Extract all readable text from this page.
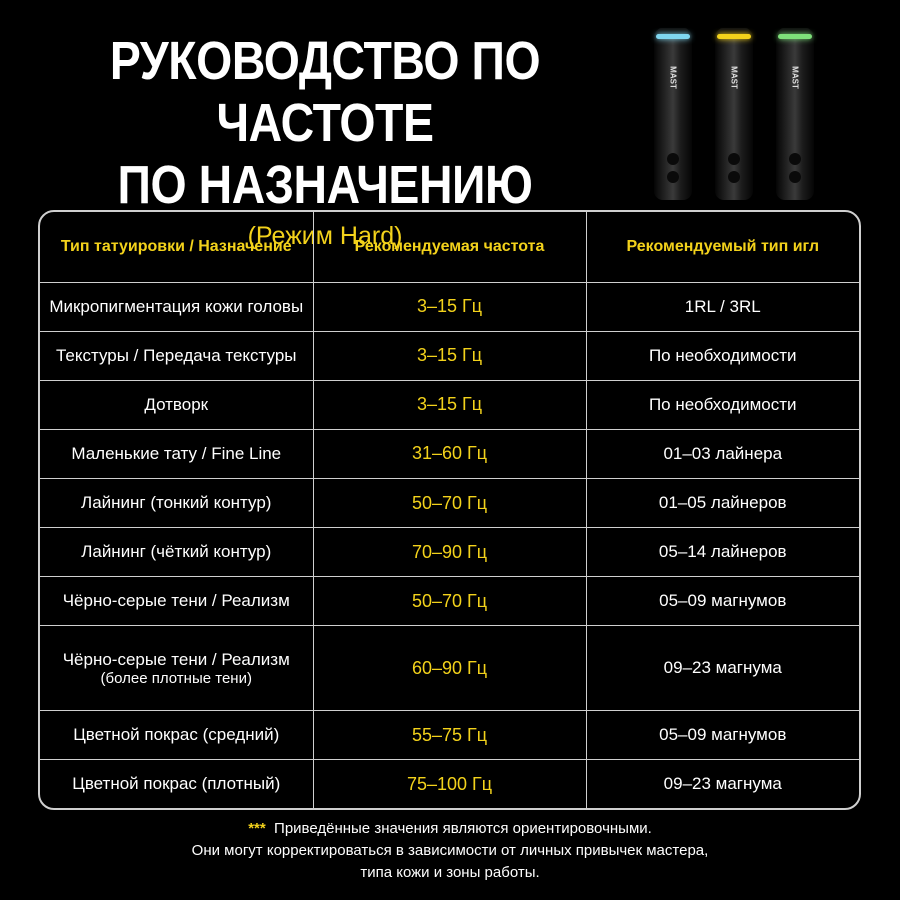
РУКОВОДСТВО ПО ЧАСТОТЕ
ПО НАЗНАЧЕНИЮ
(Режим Hard)
MAST	MAST	MAST
Тип татуировки / Назначение	Рекомендуемая частота	Рекомендуемый тип игл
Микропигментация кожи головы	3–15 Гц	1RL / 3RL
Текстуры / Передача текстуры	3–15 Гц	По необходимости
Дотворк	3–15 Гц	По необходимости
Маленькие тату / Fine Line	31–60 Гц	01–03 лайнера
Лайнинг (тонкий контур)	50–70 Гц	01–05 лайнеров
Лайнинг (чёткий контур)	70–90 Гц	05–14 лайнеров
Чёрно-серые тени / Реализм	50–70 Гц	05–09 магнумов
Чёрно-серые тени / Реализм
(более плотные тени)	60–90 Гц	09–23 магнума
Цветной покрас (средний)	55–75 Гц	05–09 магнумов
Цветной покрас (плотный)	75–100 Гц	09–23 магнума
*** Приведённые значения являются ориентировочными.
Они могут корректироваться в зависимости от личных привычек мастера,
типа кожи и зоны работы.
